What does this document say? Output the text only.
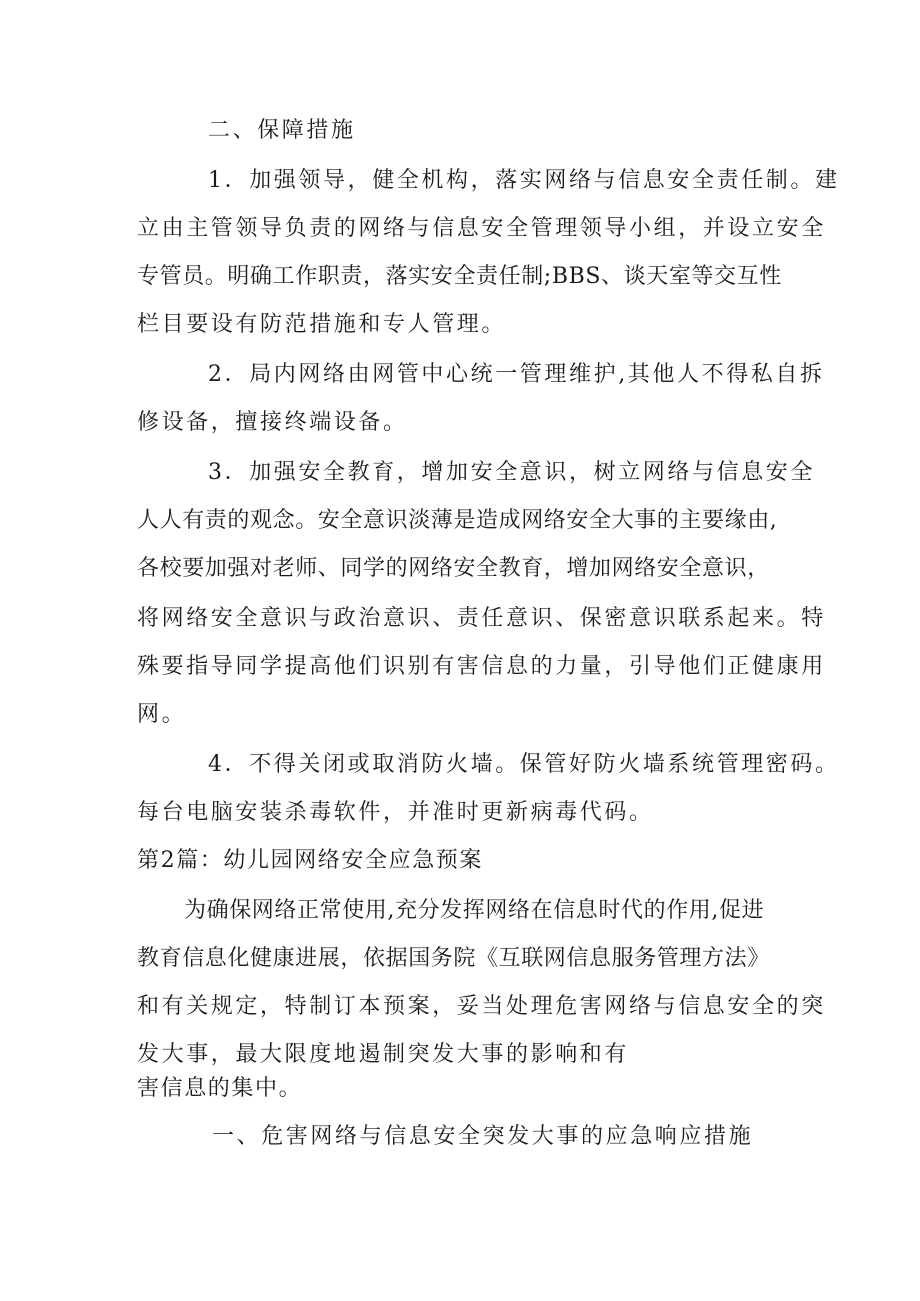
二、保障措施
1．加强领导，健全机构，落实网络与信息安全责任制。建
立由主管领导负责的网络与信息安全管理领导小组，并设立安全
专管员。明确工作职责，落实安全责任制;BBS、谈天室等交互性
栏目要设有防范措施和专人管理。
2．局内网络由网管中心统一管理维护,其他人不得私自拆
修设备，擅接终端设备。
3．加强安全教育，增加安全意识，树立网络与信息安全
人人有责的观念。安全意识淡薄是造成网络安全大事的主要缘由,
各校要加强对老师、同学的网络安全教育，增加网络安全意识，
将网络安全意识与政治意识、责任意识、保密意识联系起来。特
殊要指导同学提高他们识别有害信息的力量，引导他们正健康用
网。
4．不得关闭或取消防火墙。保管好防火墙系统管理密码。
每台电脑安装杀毒软件，并准时更新病毒代码。
第2篇：幼儿园网络安全应急预案
为确保网络正常使用,充分发挥网络在信息时代的作用,促进
教育信息化健康进展，依据国务院《互联网信息服务管理方法》
和有关规定，特制订本预案，妥当处理危害网络与信息安全的突
发大事，最大限度地遏制突发大事的影响和有
害信息的集中。
一、危害网络与信息安全突发大事的应急响应措施
